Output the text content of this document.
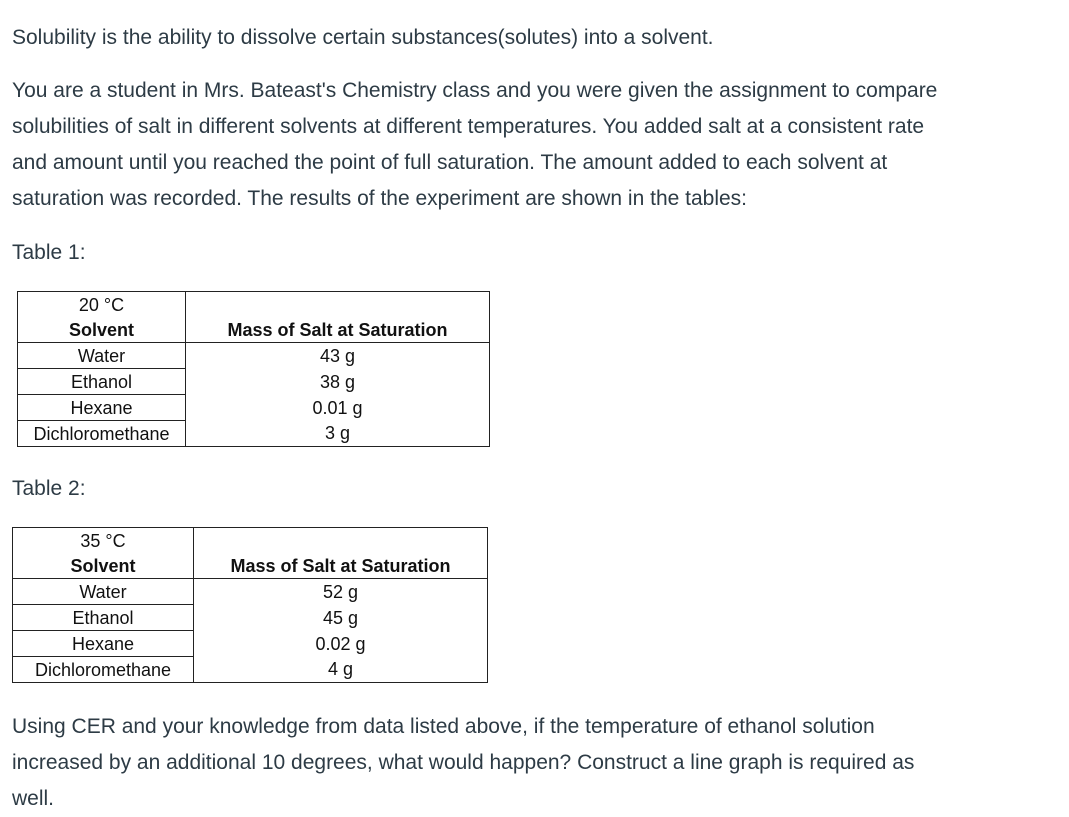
Solubility is the ability to dissolve certain substances(solutes) into a solvent.

You are a student in Mrs. Bateast's Chemistry class and you were given the assignment to compare

solubilities of salt in different solvents at different temperatures. You added salt at a consistent rate

and amount until you reached the point of full saturation. The amount added to each solvent at

saturation was recorded. The results of the experiment are shown in the tables:

Table 1:

20 °C	
Solvent	Mass of Salt at Saturation
Water	43 g
Ethanol	38 g
Hexane	0.01 g
Dichloromethane	3 g

Table 2:

35 °C	
Solvent	Mass of Salt at Saturation
Water	52 g
Ethanol	45 g
Hexane	0.02 g
Dichloromethane	4 g

Using CER and your knowledge from data listed above, if the temperature of ethanol solution

increased by an additional 10 degrees, what would happen? Construct a line graph is required as

well.
